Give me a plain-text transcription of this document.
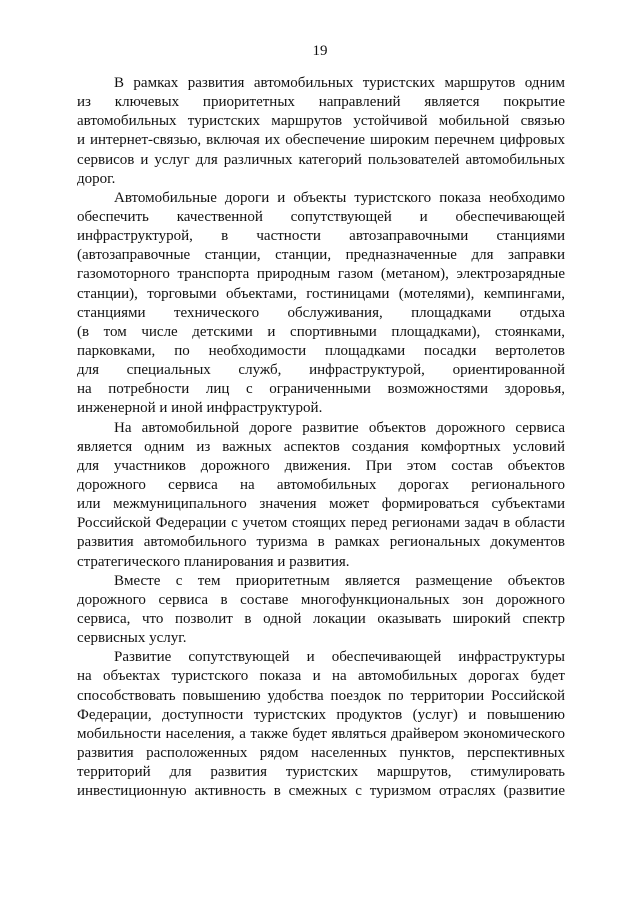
19
В рамках развития автомобильных туристских маршрутов одним
из ключевых приоритетных направлений является покрытие
автомобильных туристских маршрутов устойчивой мобильной связью
и интернет-связью, включая их обеспечение широким перечнем цифровых
сервисов и услуг для различных категорий пользователей автомобильных
дорог.
Автомобильные дороги и объекты туристского показа необходимо
обеспечить качественной сопутствующей и обеспечивающей
инфраструктурой, в частности автозаправочными станциями
(автозаправочные станции, станции, предназначенные для заправки
газомоторного транспорта природным газом (метаном), электрозарядные
станции), торговыми объектами, гостиницами (мотелями), кемпингами,
станциями технического обслуживания, площадками отдыха
(в том числе детскими и спортивными площадками), стоянками,
парковками, по необходимости площадками посадки вертолетов
для специальных служб, инфраструктурой, ориентированной
на потребности лиц с ограниченными возможностями здоровья,
инженерной и иной инфраструктурой.
На автомобильной дороге развитие объектов дорожного сервиса
является одним из важных аспектов создания комфортных условий
для участников дорожного движения. При этом состав объектов
дорожного сервиса на автомобильных дорогах регионального
или межмуниципального значения может формироваться субъектами
Российской Федерации с учетом стоящих перед регионами задач в области
развития автомобильного туризма в рамках региональных документов
стратегического планирования и развития.
Вместе с тем приоритетным является размещение объектов
дорожного сервиса в составе многофункциональных зон дорожного
сервиса, что позволит в одной локации оказывать широкий спектр
сервисных услуг.
Развитие сопутствующей и обеспечивающей инфраструктуры
на объектах туристского показа и на автомобильных дорогах будет
способствовать повышению удобства поездок по территории Российской
Федерации, доступности туристских продуктов (услуг) и повышению
мобильности населения, а также будет являться драйвером экономического
развития расположенных рядом населенных пунктов, перспективных
территорий для развития туристских маршрутов, стимулировать
инвестиционную активность в смежных с туризмом отраслях (развитие
